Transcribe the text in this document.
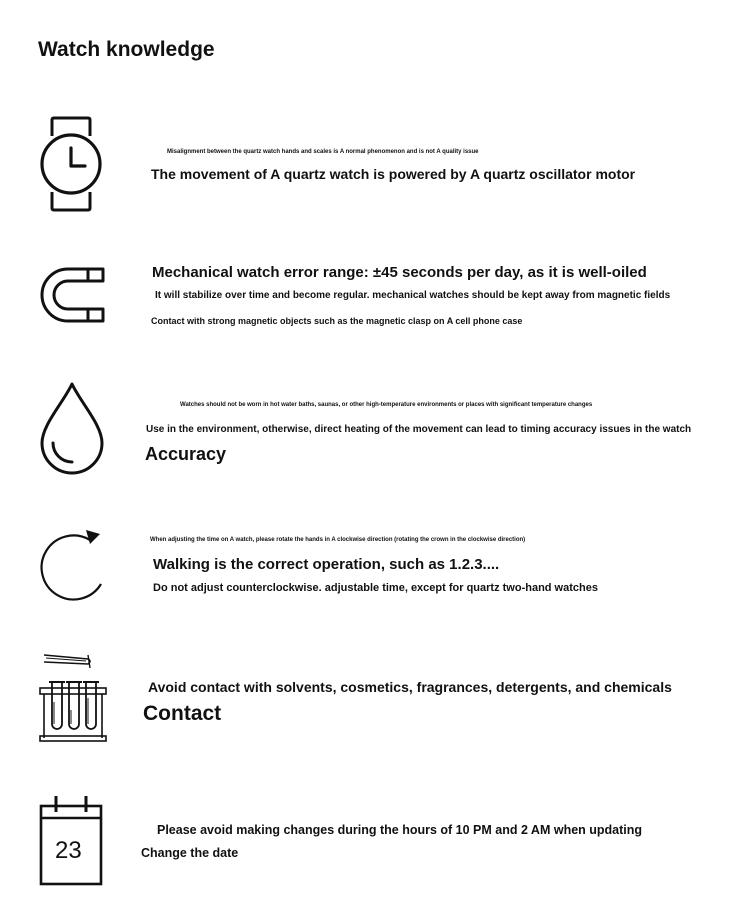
Watch knowledge
Misalignment between the quartz watch hands and scales is A normal phenomenon and is not A quality issue
The movement of A quartz watch is powered by A quartz oscillator motor
Mechanical watch error range: ±45 seconds per day, as it is well-oiled
It will stabilize over time and become regular. mechanical watches should be kept away from magnetic fields
Contact with strong magnetic objects such as the magnetic clasp on A cell phone case
Watches should not be worn in hot water baths, saunas, or other high-temperature environments or places with significant temperature changes
Use in the environment, otherwise, direct heating of the movement can lead to timing accuracy issues in the watch
Accuracy
When adjusting the time on A watch, please rotate the hands in A clockwise direction (rotating the crown in the clockwise direction)
Walking is the correct operation, such as 1.2.3....
Do not adjust counterclockwise. adjustable time, except for quartz two-hand watches
Avoid contact with solvents, cosmetics, fragrances, detergents, and chemicals
Contact
23
Please avoid making changes during the hours of 10 PM and 2 AM when updating
Change the date
